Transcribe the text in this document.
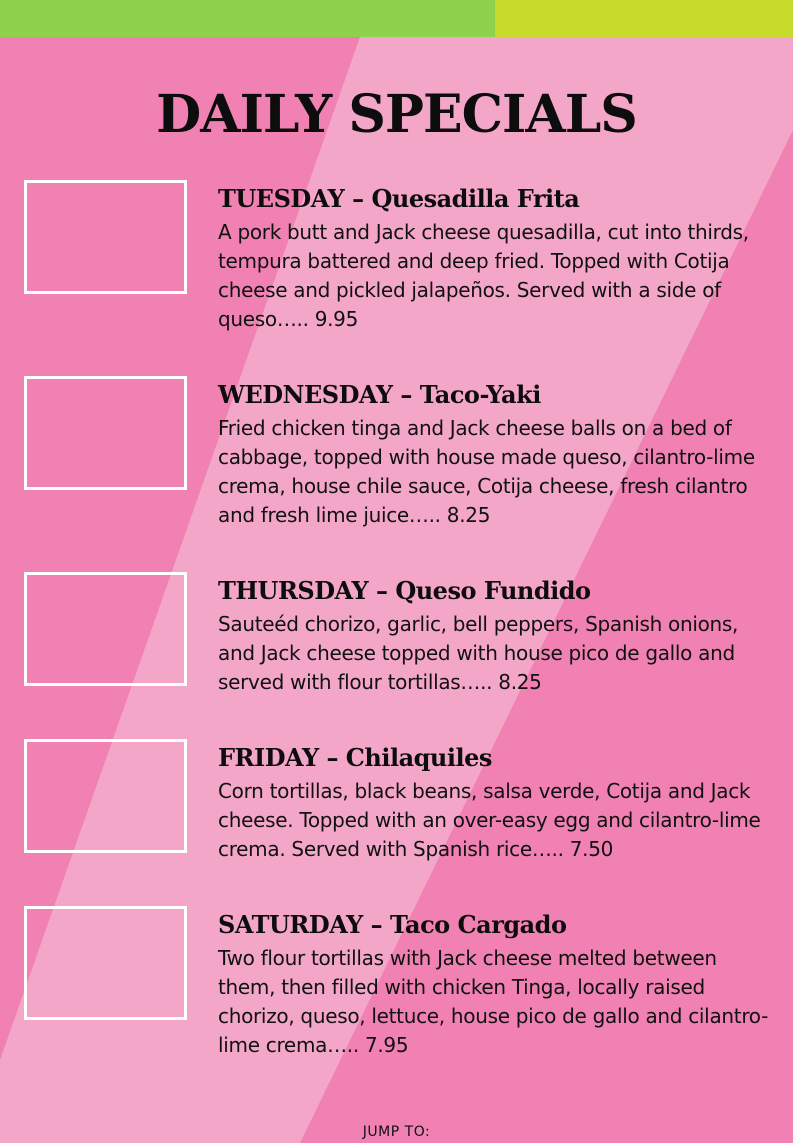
DAILY SPECIALS
TUESDAY – Quesadilla Frita

A pork butt and Jack cheese quesadilla, cut into thirds, tempura battered and deep fried. Topped with Cotija cheese and pickled jalapeños. Served with a side of queso….. 9.95

WEDNESDAY – Taco-Yaki

Fried chicken tinga and Jack cheese balls on a bed of cabbage, topped with house made queso, cilantro-lime crema, house chile sauce, Cotija cheese, fresh cilantro and fresh lime juice….. 8.25

THURSDAY – Queso Fundido

Sauteéd chorizo, garlic, bell peppers, Spanish onions, and Jack cheese topped with house pico de gallo and served with flour tortillas….. 8.25

FRIDAY – Chilaquiles

Corn tortillas, black beans, salsa verde, Cotija and Jack cheese. Topped with an over-easy egg and cilantro-lime crema. Served with Spanish rice….. 7.50

SATURDAY – Taco Cargado

Two flour tortillas with Jack cheese melted between them, then filled with chicken Tinga, locally raised chorizo, queso, lettuce, house pico de gallo and cilantro-lime crema….. 7.95

JUMP TO:
